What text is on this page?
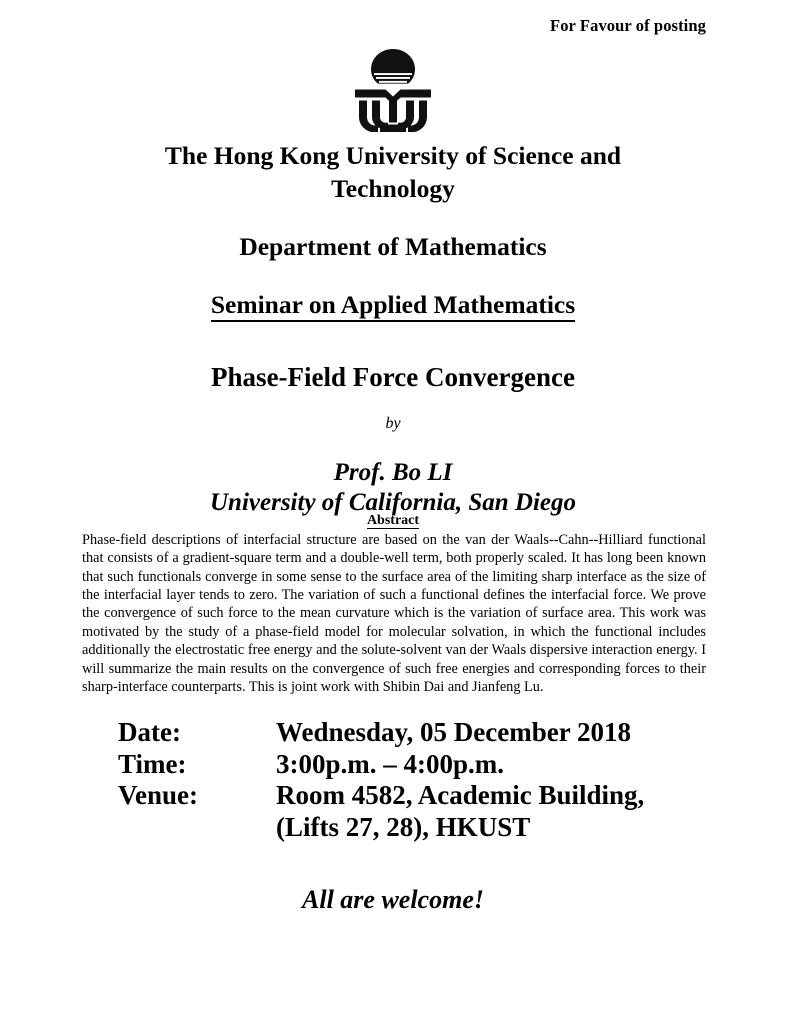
For Favour of posting
The Hong Kong University of Science and Technology
Department of Mathematics
Seminar on Applied Mathematics
Phase-Field Force Convergence
by
Prof. Bo LI
University of California, San Diego
Abstract
Phase-field descriptions of interfacial structure are based on the van der Waals--Cahn--Hilliard functional that consists of a gradient-square term and a double-well term, both properly scaled. It has long been known that such functionals converge in some sense to the surface area of the limiting sharp interface as the size of the interfacial layer tends to zero. The variation of such a functional defines the interfacial force. We prove the convergence of such force to the mean curvature which is the variation of surface area. This work was motivated by the study of a phase-field model for molecular solvation, in which the functional includes additionally the electrostatic free energy and the solute-solvent van der Waals dispersive interaction energy. I will summarize the main results on the convergence of such free energies and corresponding forces to their sharp-interface counterparts. This is joint work with Shibin Dai and Jianfeng Lu.
Date:	Wednesday, 05 December 2018
Time:	3:00p.m. – 4:00p.m.
Venue:	Room 4582, Academic Building,
(Lifts 27, 28), HKUST
All are welcome!
